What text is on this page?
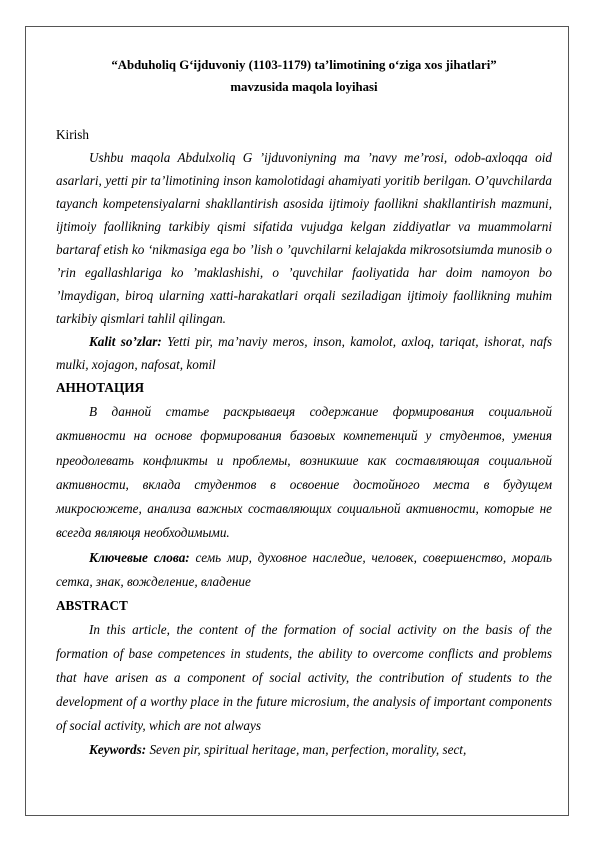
“Abduholiq G‘ijduvoniy (1103-1179) ta’limotining o‘ziga xos jihatlari”

mavzusida maqola loyihasi

Kirish

Ushbu maqola Abdulxoliq G ’ijduvoniyning ma ’navy me’rosi, odob-axloqqa oid asarlari, yetti pir ta’limotining inson kamolotidagi ahamiyati yoritib berilgan. O’quvchilarda tayanch kompetensiyalarni shakllantirish asosida ijtimoiy faollikni shakllantirish mazmuni, ijtimoiy faollikning tarkibiy qismi sifatida vujudga kelgan ziddiyatlar va muammolarni bartaraf etish ko ‘nikmasiga ega bo ’lish o ’quvchilarni kelajakda mikrosotsiumda munosib o ’rin egallashlariga ko ’maklashishi, o ’quvchilar faoliyatida har doim namoyon bo ’lmaydigan, biroq ularning xatti-harakatlari orqali seziladigan ijtimoiy faollikning muhim tarkibiy qismlari tahlil qilingan.

Kalit so’zlar: Yetti pir, ma’naviy meros, inson, kamolot, axloq, tariqat, ishorat, nafs mulki, xojagon, nafosat, komil

АННОТАЦИЯ

В данной статье раскрываеця содержание формирования социальной активности на основе формирования базовых компетенций у студентов, умения преодолевать конфликты и проблемы, возникшие как составляющая социальной активности, вклада студентов в освоение достойного места в будущем микросюжете, анализа важных составляющих социальной активности, которые не всегда являюця необходимыми.

Ключевые слова: семь мир, духовное наследие, человек, совершенство, мораль сетка, знак, вожделение, владение

ABSTRACT

In this article, the content of the formation of social activity on the basis of the formation of base competences in students, the ability to overcome conflicts and problems that have arisen as a component of social activity, the contribution of students to the development of a worthy place in the future microsium, the analysis of important components of social activity, which are not always

Keywords: Seven pir, spiritual heritage, man, perfection, morality, sect,
